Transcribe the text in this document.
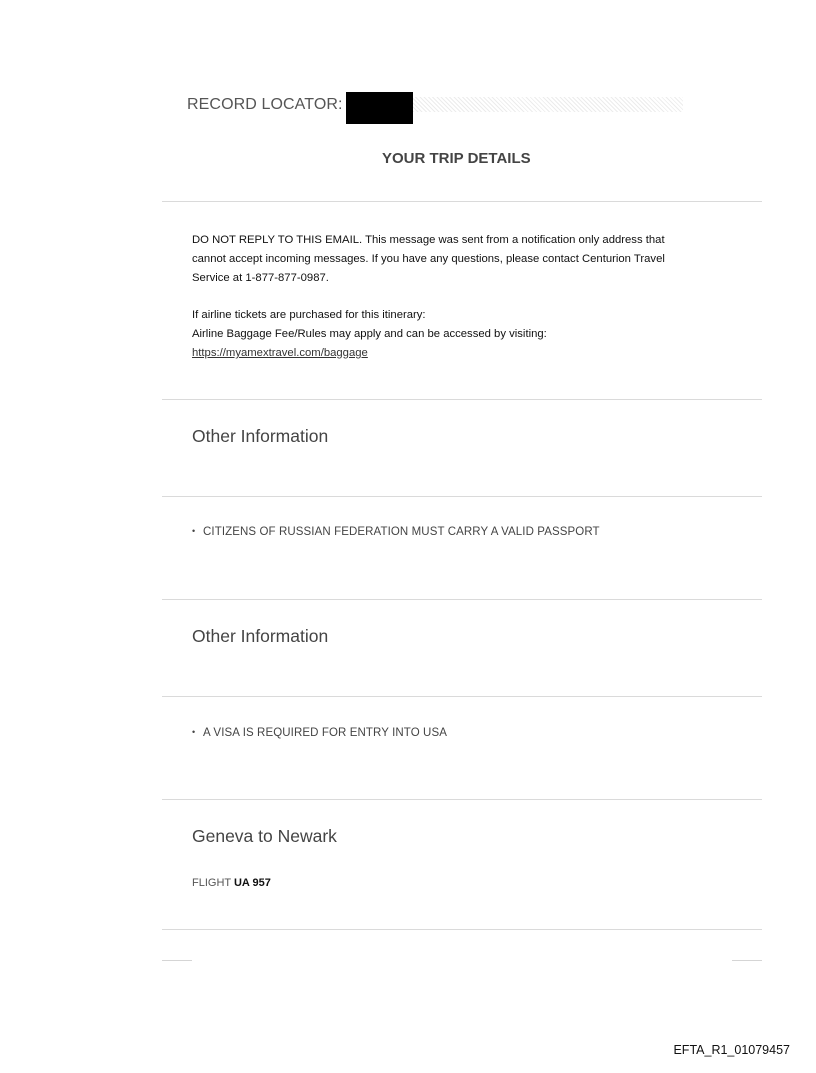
RECORD LOCATOR:
YOUR TRIP DETAILS

DO NOT REPLY TO THIS EMAIL. This message was sent from a notification only address that

cannot accept incoming messages. If you have any questions, please contact Centurion Travel

Service at 1-877-877-0987.

If airline tickets are purchased for this itinerary:

Airline Baggage Fee/Rules may apply and can be accessed by visiting:

https://myamextravel.com/baggage

Other Information
• CITIZENS OF RUSSIAN FEDERATION MUST CARRY A VALID PASSPORT
Other Information
• A VISA IS REQUIRED FOR ENTRY INTO USA
Geneva to Newark
FLIGHT UA 957
EFTA_R1_01079457
